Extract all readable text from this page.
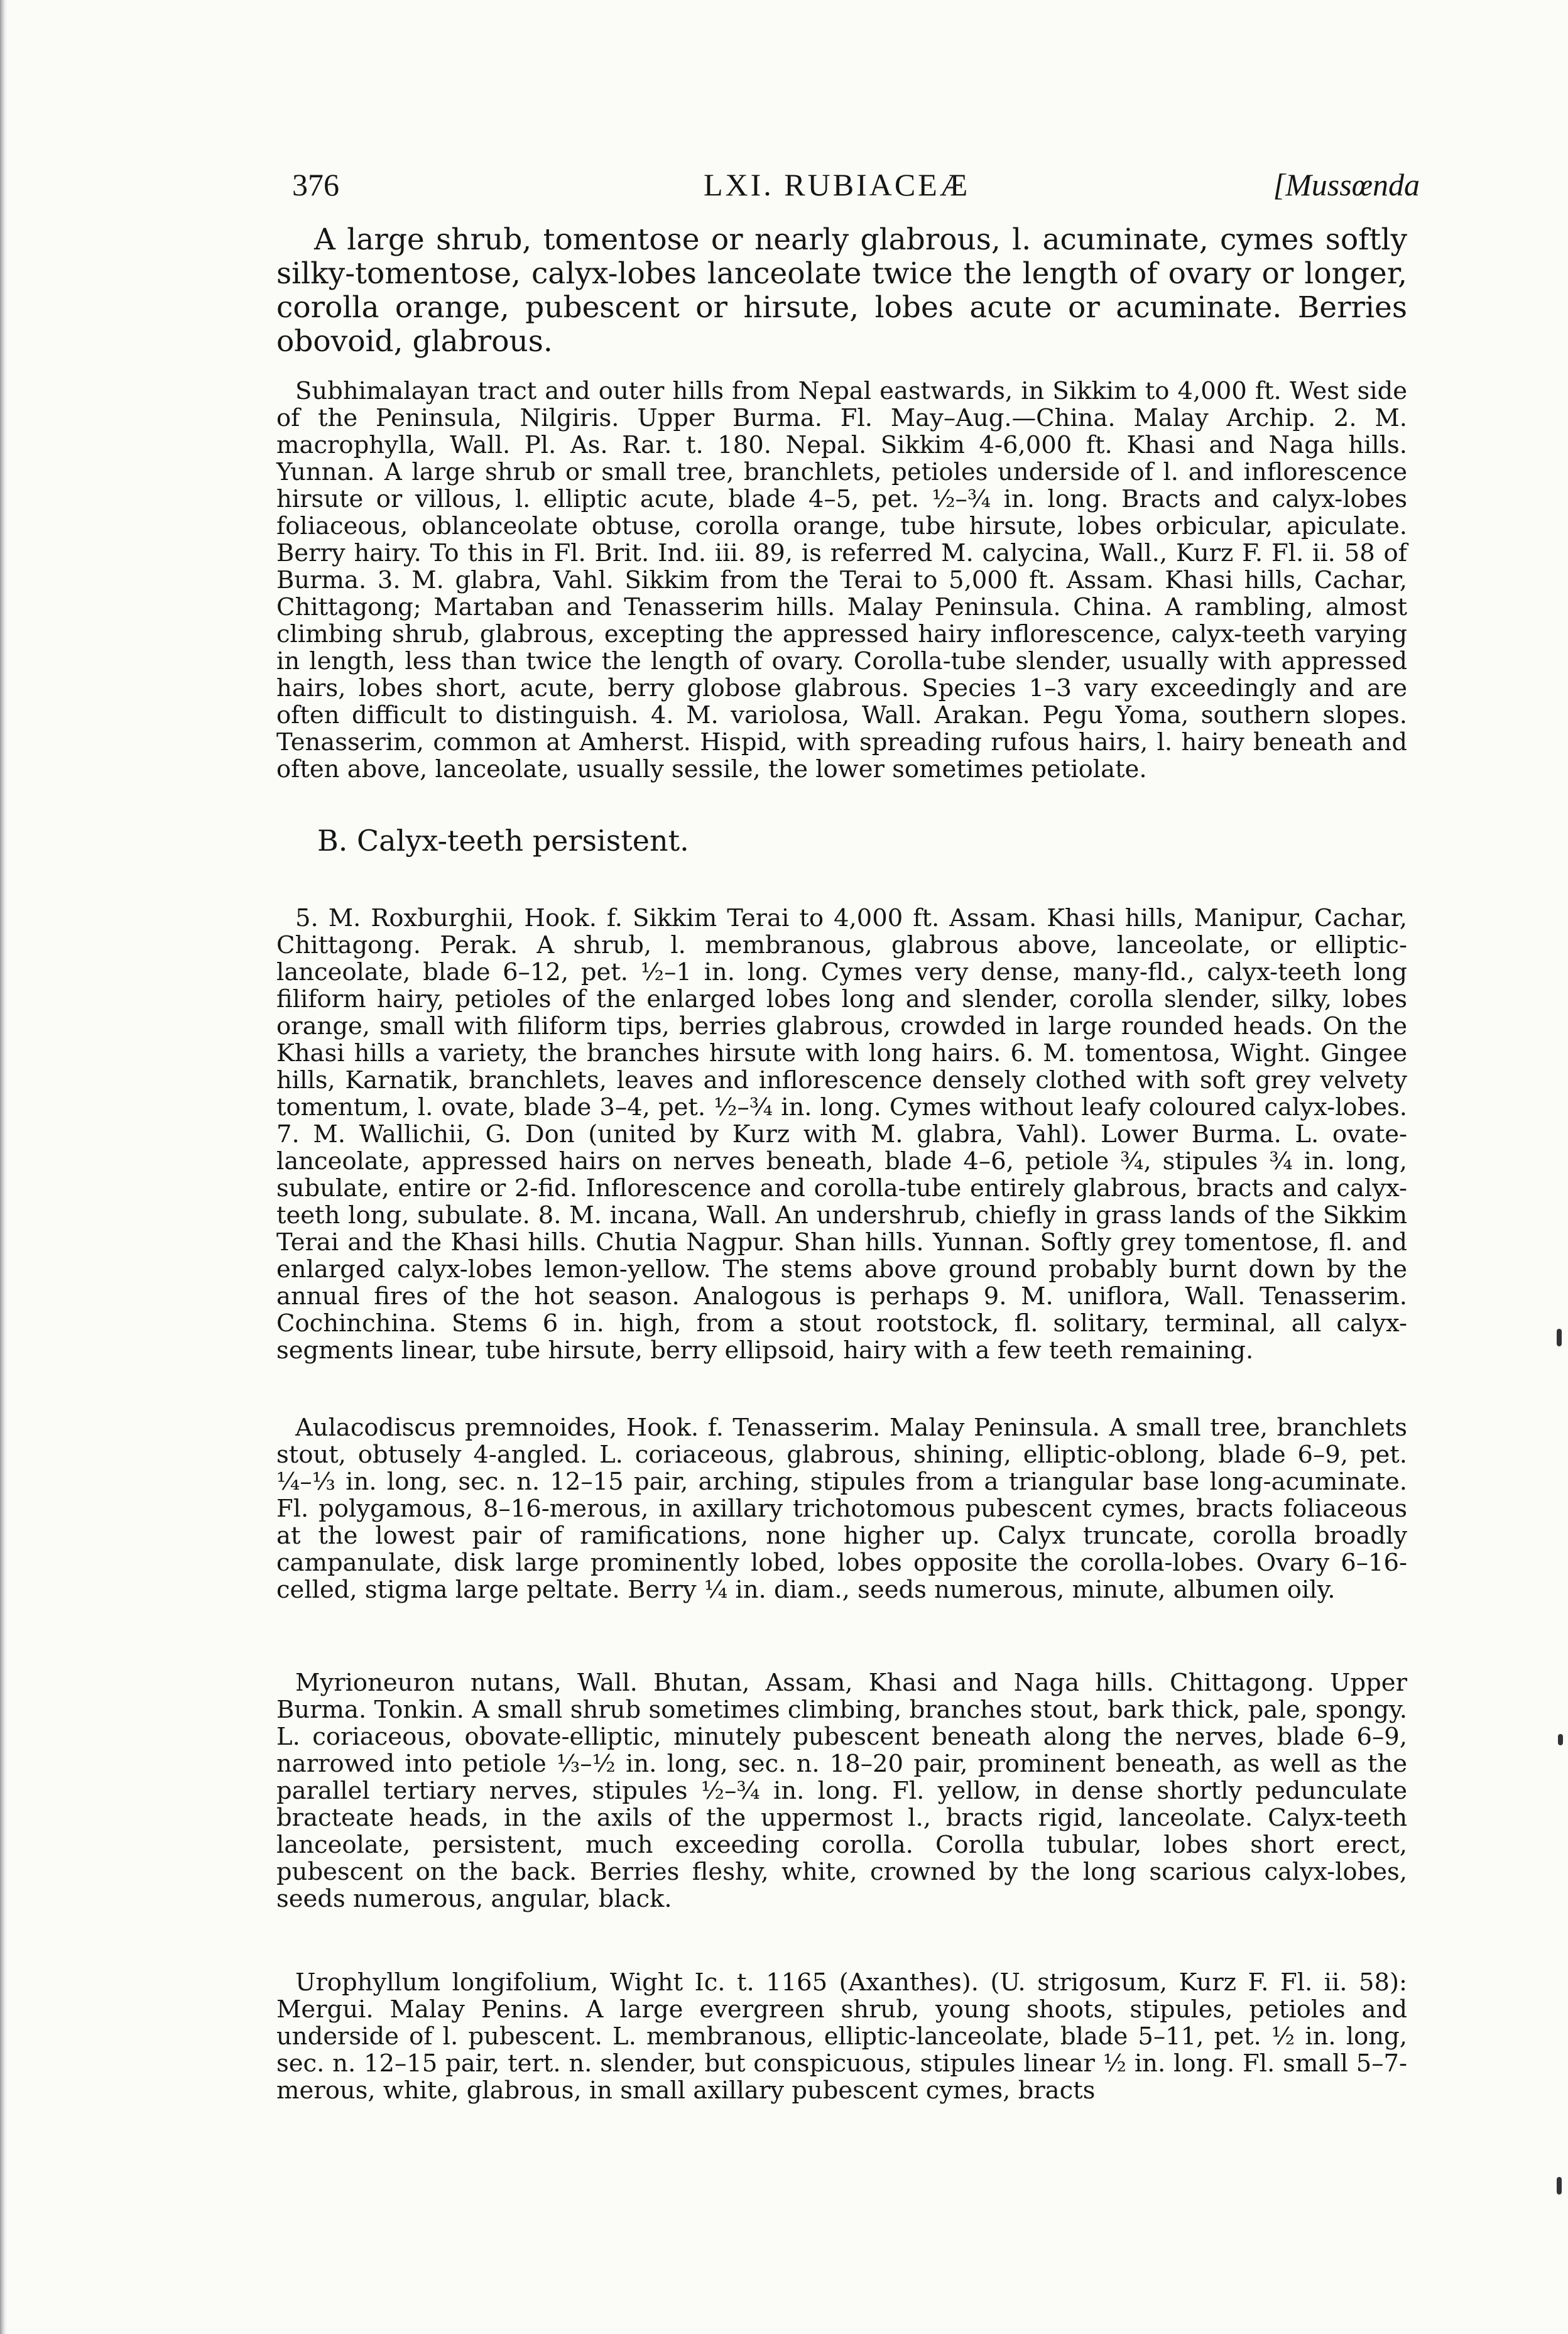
376	LXI. RUBIACEÆ	[Mussœnda

A large shrub, tomentose or nearly glabrous, l. acuminate, cymes softly silky-tomentose, calyx-lobes lanceolate twice the length of ovary or longer, corolla orange, pubescent or hirsute, lobes acute or acuminate. Berries obovoid, glabrous.

Subhimalayan tract and outer hills from Nepal eastwards, in Sikkim to 4,000 ft. West side of the Peninsula, Nilgiris. Upper Burma. Fl. May–Aug.—China. Malay Archip. 2. M. macrophylla, Wall. Pl. As. Rar. t. 180. Nepal. Sikkim 4-6,000 ft. Khasi and Naga hills. Yunnan. A large shrub or small tree, branchlets, petioles underside of l. and inflorescence hirsute or villous, l. elliptic acute, blade 4–5, pet. ½–¾ in. long. Bracts and calyx-lobes foliaceous, oblanceolate obtuse, corolla orange, tube hirsute, lobes orbicular, apiculate. Berry hairy. To this in Fl. Brit. Ind. iii. 89, is referred M. calycina, Wall., Kurz F. Fl. ii. 58 of Burma. 3. M. glabra, Vahl. Sikkim from the Terai to 5,000 ft. Assam. Khasi hills, Cachar, Chittagong; Martaban and Tenasserim hills. Malay Peninsula. China. A rambling, almost climbing shrub, glabrous, excepting the appressed hairy inflorescence, calyx-teeth varying in length, less than twice the length of ovary. Corolla-tube slender, usually with appressed hairs, lobes short, acute, berry globose glabrous. Species 1–3 vary exceedingly and are often difficult to distinguish. 4. M. variolosa, Wall. Arakan. Pegu Yoma, southern slopes. Tenasserim, common at Amherst. Hispid, with spreading rufous hairs, l. hairy beneath and often above, lanceolate, usually sessile, the lower sometimes petiolate.

B. Calyx-teeth persistent.

5. M. Roxburghii, Hook. f. Sikkim Terai to 4,000 ft. Assam. Khasi hills, Manipur, Cachar, Chittagong. Perak. A shrub, l. membranous, glabrous above, lanceolate, or elliptic-lanceolate, blade 6–12, pet. ½–1 in. long. Cymes very dense, many-fld., calyx-teeth long filiform hairy, petioles of the enlarged lobes long and slender, corolla slender, silky, lobes orange, small with filiform tips, berries glabrous, crowded in large rounded heads. On the Khasi hills a variety, the branches hirsute with long hairs. 6. M. tomentosa, Wight. Gingee hills, Karnatik, branchlets, leaves and inflorescence densely clothed with soft grey velvety tomentum, l. ovate, blade 3–4, pet. ½–¾ in. long. Cymes without leafy coloured calyx-lobes. 7. M. Wallichii, G. Don (united by Kurz with M. glabra, Vahl). Lower Burma. L. ovate-lanceolate, appressed hairs on nerves beneath, blade 4–6, petiole ¾, stipules ¾ in. long, subulate, entire or 2-fid. Inflorescence and corolla-tube entirely glabrous, bracts and calyx-teeth long, subulate. 8. M. incana, Wall. An undershrub, chiefly in grass lands of the Sikkim Terai and the Khasi hills. Chutia Nagpur. Shan hills. Yunnan. Softly grey tomentose, fl. and enlarged calyx-lobes lemon-yellow. The stems above ground probably burnt down by the annual fires of the hot season. Analogous is perhaps 9. M. uniflora, Wall. Tenasserim. Cochinchina. Stems 6 in. high, from a stout rootstock, fl. solitary, terminal, all calyx-segments linear, tube hirsute, berry ellipsoid, hairy with a few teeth remaining.

Aulacodiscus premnoides, Hook. f. Tenasserim. Malay Peninsula. A small tree, branchlets stout, obtusely 4-angled. L. coriaceous, glabrous, shining, elliptic-oblong, blade 6–9, pet. ¼–⅓ in. long, sec. n. 12–15 pair, arching, stipules from a triangular base long-acuminate. Fl. polygamous, 8–16-merous, in axillary trichotomous pubescent cymes, bracts foliaceous at the lowest pair of ramifications, none higher up. Calyx truncate, corolla broadly campanulate, disk large prominently lobed, lobes opposite the corolla-lobes. Ovary 6–16-celled, stigma large peltate. Berry ¼ in. diam., seeds numerous, minute, albumen oily.

Myrioneuron nutans, Wall. Bhutan, Assam, Khasi and Naga hills. Chittagong. Upper Burma. Tonkin. A small shrub sometimes climbing, branches stout, bark thick, pale, spongy. L. coriaceous, obovate-elliptic, minutely pubescent beneath along the nerves, blade 6–9, narrowed into petiole ⅓–½ in. long, sec. n. 18–20 pair, prominent beneath, as well as the parallel tertiary nerves, stipules ½–¾ in. long. Fl. yellow, in dense shortly pedunculate bracteate heads, in the axils of the uppermost l., bracts rigid, lanceolate. Calyx-teeth lanceolate, persistent, much exceeding corolla. Corolla tubular, lobes short erect, pubescent on the back. Berries fleshy, white, crowned by the long scarious calyx-lobes, seeds numerous, angular, black.

Urophyllum longifolium, Wight Ic. t. 1165 (Axanthes). (U. strigosum, Kurz F. Fl. ii. 58): Mergui. Malay Penins. A large evergreen shrub, young shoots, stipules, petioles and underside of l. pubescent. L. membranous, elliptic-lanceolate, blade 5–11, pet. ½ in. long, sec. n. 12–15 pair, tert. n. slender, but conspicuous, stipules linear ½ in. long. Fl. small 5–7-merous, white, glabrous, in small axillary pubescent cymes, bracts
